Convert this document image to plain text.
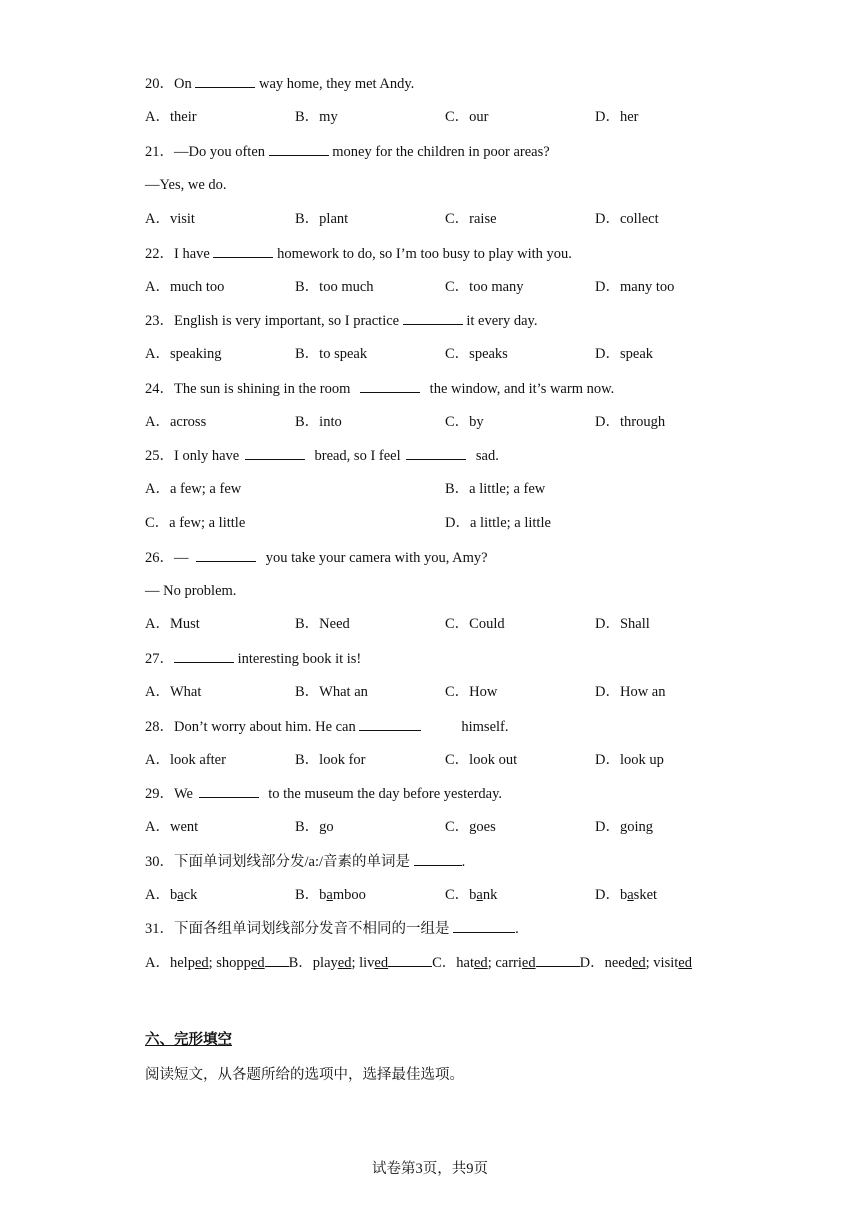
20．On	way home, they met Andy.
A．their	B．my	C．our	D．her
21．—Do you often	money for the children in poor areas?
—Yes, we do.
A．visit	B．plant	C．raise	D．collect
22．I have	homework to do, so I’m too busy to play with you.
A．much too	B．too much	C．too many	D．many too
23．English is very important, so I practice	it every day.
A．speaking	B．to speak	C．speaks	D．speak
24．The sun is shining in the room	the window, and it’s warm now.
A．across	B．into	C．by	D．through
25．I only have	bread, so I feel	sad.
A．a few; a few	B．a little; a few
C．a few; a little	D．a little; a little
26．—	you take your camera with you, Amy?
— No problem.
A．Must	B．Need	C．Could	D．Shall
27．	interesting book it is!
A．What	B．What an	C．How	D．How an
28．Don’t worry about him. He can	himself.
A．look after	B．look for	C．look out	D．look up
29．We	to the museum the day before yesterday.
A．went	B．go	C．goes	D．going
30．下面单词划线部分发/a:/音素的单词是	.
A．back	B．bamboo	C．bank	D．basket
31．下面各组单词划线部分发音不相同的一组是	.
A．helped; shopped B．played; lived	C．hated; carried	D．needed; visited
六、完形填空
阅读短文，从各题所给的选项中，选择最佳选项。
试卷第3页，共9页
